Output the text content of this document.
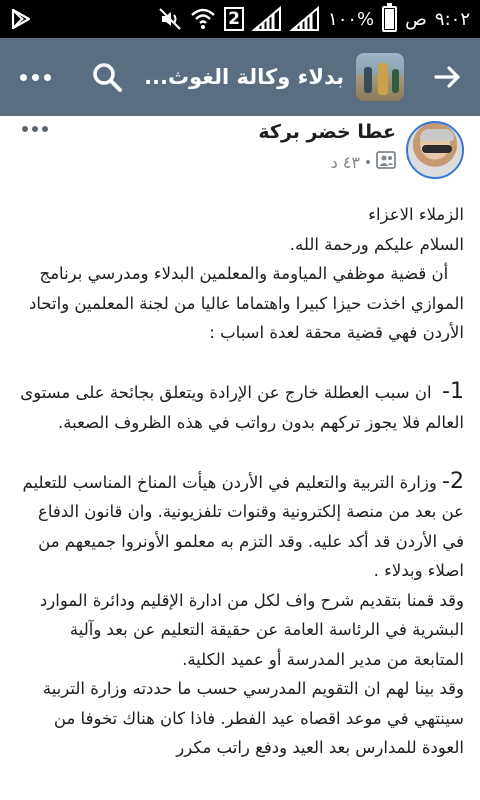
2	١٠٠% ص ٩:٠٢
بدلاء وكالة الغوث...
عطا خضر بركة
٤٣ د

الزملاء الاعزاء

السلام عليكم ورحمة الله.

أن قضية موظفي المياومة والمعلمين البدلاء ومدرسي برنامج الموازي اخذت حيزا كبيرا واهتماما عاليا من لجنة المعلمين واتحاد الأردن فهي قضية محقة لعدة اسباب :

1-  ان سبب العطلة خارج عن الإرادة ويتعلق بجائحة على مستوى العالم فلا يجوز تركهم بدون رواتب في هذه الظروف الصعبة.

2- وزارة التربية والتعليم في الأردن هيأت المناخ المناسب للتعليم عن بعد من منصة إلكترونية وقنوات تلفزيونية. وان قانون الدفاع في الأردن قد أكد عليه. وقد التزم به معلمو الأونروا جميعهم من اصلاء وبدلاء .

وقد قمنا بتقديم شرح واف لكل من ادارة الإقليم ودائرة الموارد البشرية في الرئاسة العامة عن حقيقة التعليم عن بعد وآلية المتابعة من مدير المدرسة أو عميد الكلية.

وقد بينا لهم ان التقويم المدرسي حسب ما حددته وزارة التربية سينتهي في موعد اقصاه عيد الفطر. فاذا كان هناك تخوفا من العودة للمدارس بعد العيد ودفع راتب مكرر
